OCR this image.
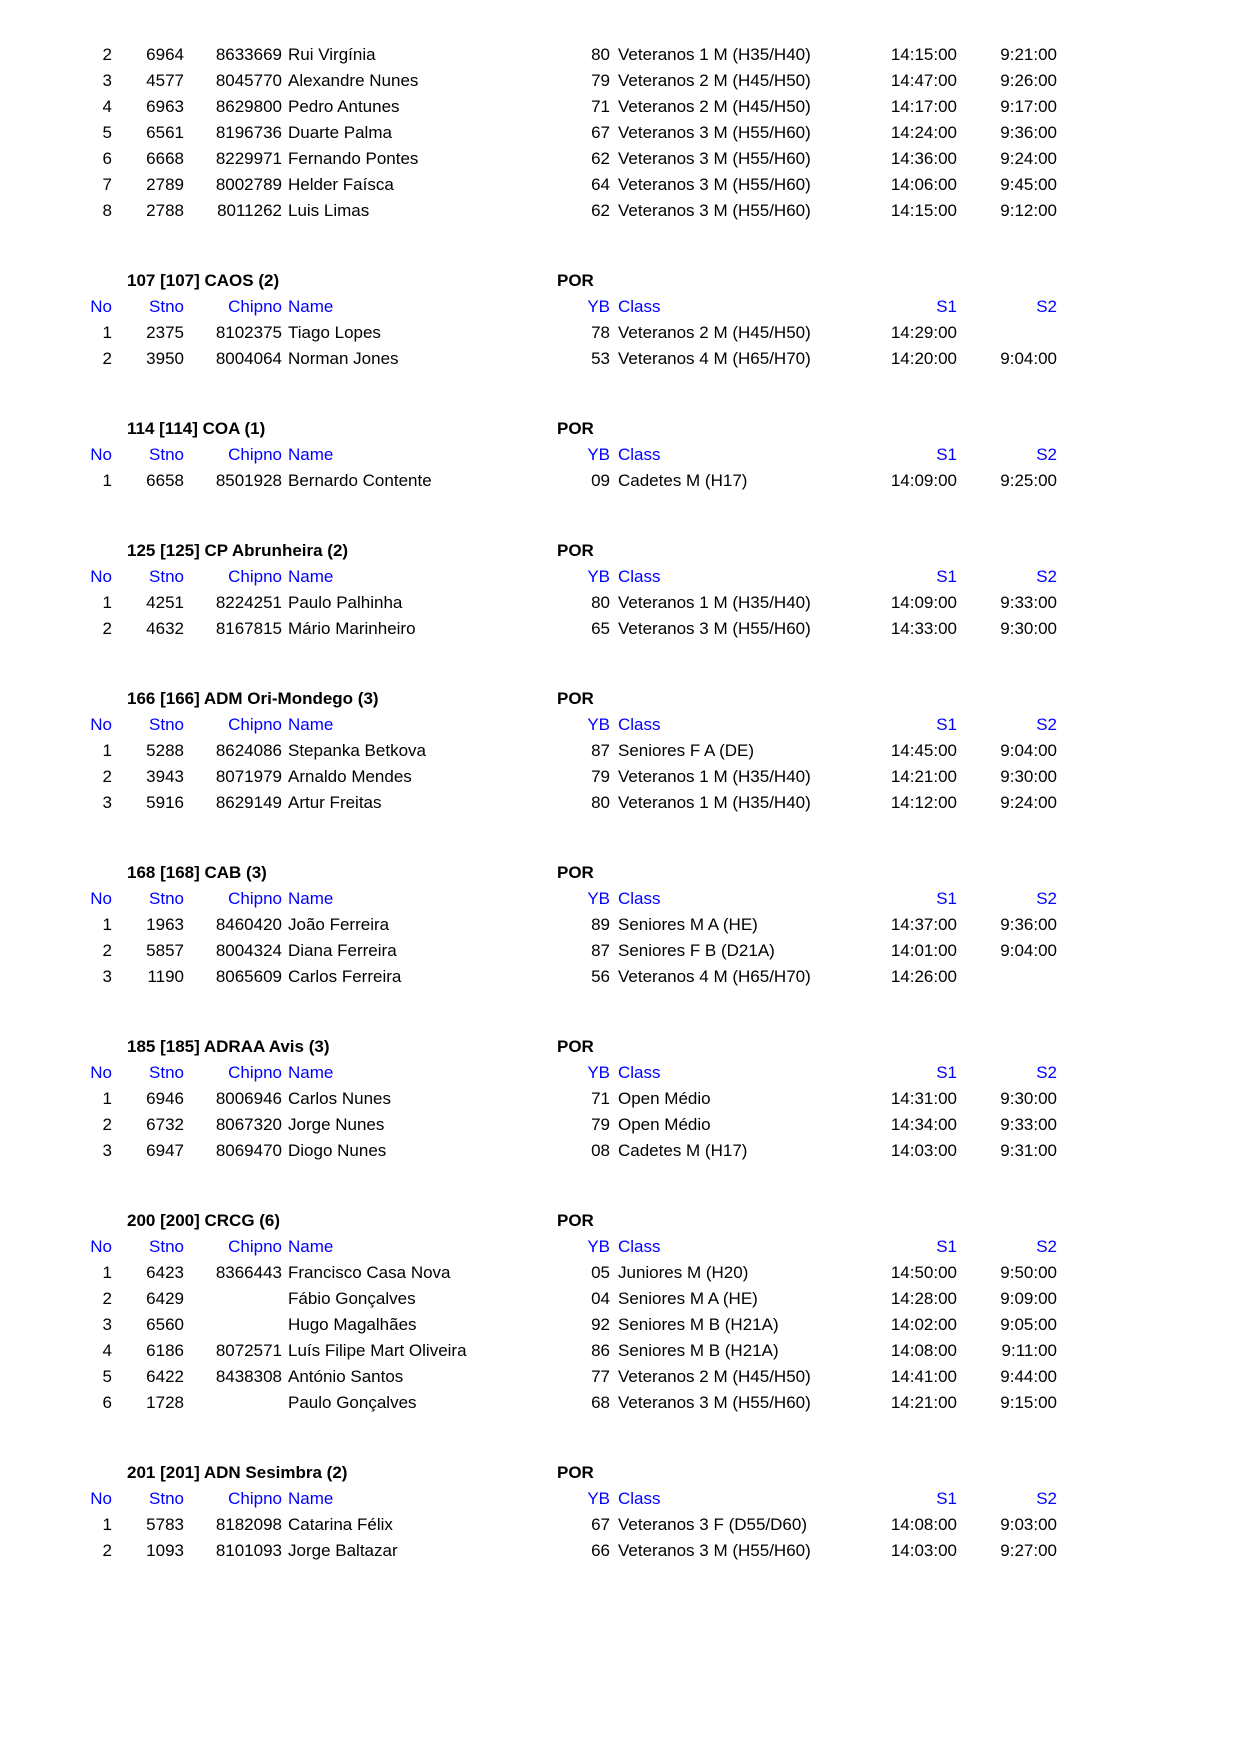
2	6964	8633669 Rui Virgínia	80 Veteranos 1 M (H35/H40)	14:15:00	9:21:00
3	4577	8045770 Alexandre Nunes	79 Veteranos 2 M (H45/H50)	14:47:00	9:26:00
4	6963	8629800 Pedro Antunes	71 Veteranos 2 M (H45/H50)	14:17:00	9:17:00
5	6561	8196736 Duarte Palma	67 Veteranos 3 M (H55/H60)	14:24:00	9:36:00
6	6668	8229971 Fernando Pontes	62 Veteranos 3 M (H55/H60)	14:36:00	9:24:00
7	2789	8002789 Helder Faísca	64 Veteranos 3 M (H55/H60)	14:06:00	9:45:00
8	2788	8011262 Luis Limas	62 Veteranos 3 M (H55/H60)	14:15:00	9:12:00
107 [107] CAOS (2)	POR
No	Stno	Chipno Name	YB Class	S1	S2
1	2375	8102375 Tiago Lopes	78 Veteranos 2 M (H45/H50)	14:29:00
2	3950	8004064 Norman Jones	53 Veteranos 4 M (H65/H70)	14:20:00	9:04:00
114 [114] COA (1)	POR
No	Stno	Chipno Name	YB Class	S1	S2
1	6658	8501928 Bernardo Contente	09 Cadetes M (H17)	14:09:00	9:25:00
125 [125] CP Abrunheira (2)	POR
No	Stno	Chipno Name	YB Class	S1	S2
1	4251	8224251 Paulo Palhinha	80 Veteranos 1 M (H35/H40)	14:09:00	9:33:00
2	4632	8167815 Mário Marinheiro	65 Veteranos 3 M (H55/H60)	14:33:00	9:30:00
166 [166] ADM Ori-Mondego (3)	POR
No	Stno	Chipno Name	YB Class	S1	S2
1	5288	8624086 Stepanka Betkova	87 Seniores F A (DE)	14:45:00	9:04:00
2	3943	8071979 Arnaldo Mendes	79 Veteranos 1 M (H35/H40)	14:21:00	9:30:00
3	5916	8629149 Artur Freitas	80 Veteranos 1 M (H35/H40)	14:12:00	9:24:00
168 [168] CAB (3)	POR
No	Stno	Chipno Name	YB Class	S1	S2
1	1963	8460420 João Ferreira	89 Seniores M A (HE)	14:37:00	9:36:00
2	5857	8004324 Diana Ferreira	87 Seniores F B (D21A)	14:01:00	9:04:00
3	1190	8065609 Carlos Ferreira	56 Veteranos 4 M (H65/H70)	14:26:00
185 [185] ADRAA Avis (3)	POR
No	Stno	Chipno Name	YB Class	S1	S2
1	6946	8006946 Carlos Nunes	71 Open Médio	14:31:00	9:30:00
2	6732	8067320 Jorge Nunes	79 Open Médio	14:34:00	9:33:00
3	6947	8069470 Diogo Nunes	08 Cadetes M (H17)	14:03:00	9:31:00
200 [200] CRCG (6)	POR
No	Stno	Chipno Name	YB Class	S1	S2
1	6423	8366443 Francisco Casa Nova	05 Juniores M (H20)	14:50:00	9:50:00
2	6429	Fábio Gonçalves	04 Seniores M A (HE)	14:28:00	9:09:00
3	6560	Hugo Magalhães	92 Seniores M B (H21A)	14:02:00	9:05:00
4	6186	8072571 Luís Filipe Mart Oliveira	86 Seniores M B (H21A)	14:08:00	9:11:00
5	6422	8438308 António Santos	77 Veteranos 2 M (H45/H50)	14:41:00	9:44:00
6	1728	Paulo Gonçalves	68 Veteranos 3 M (H55/H60)	14:21:00	9:15:00
201 [201] ADN Sesimbra (2)	POR
No	Stno	Chipno Name	YB Class	S1	S2
1	5783	8182098 Catarina Félix	67 Veteranos 3 F (D55/D60)	14:08:00	9:03:00
2	1093	8101093 Jorge Baltazar	66 Veteranos 3 M (H55/H60)	14:03:00	9:27:00
